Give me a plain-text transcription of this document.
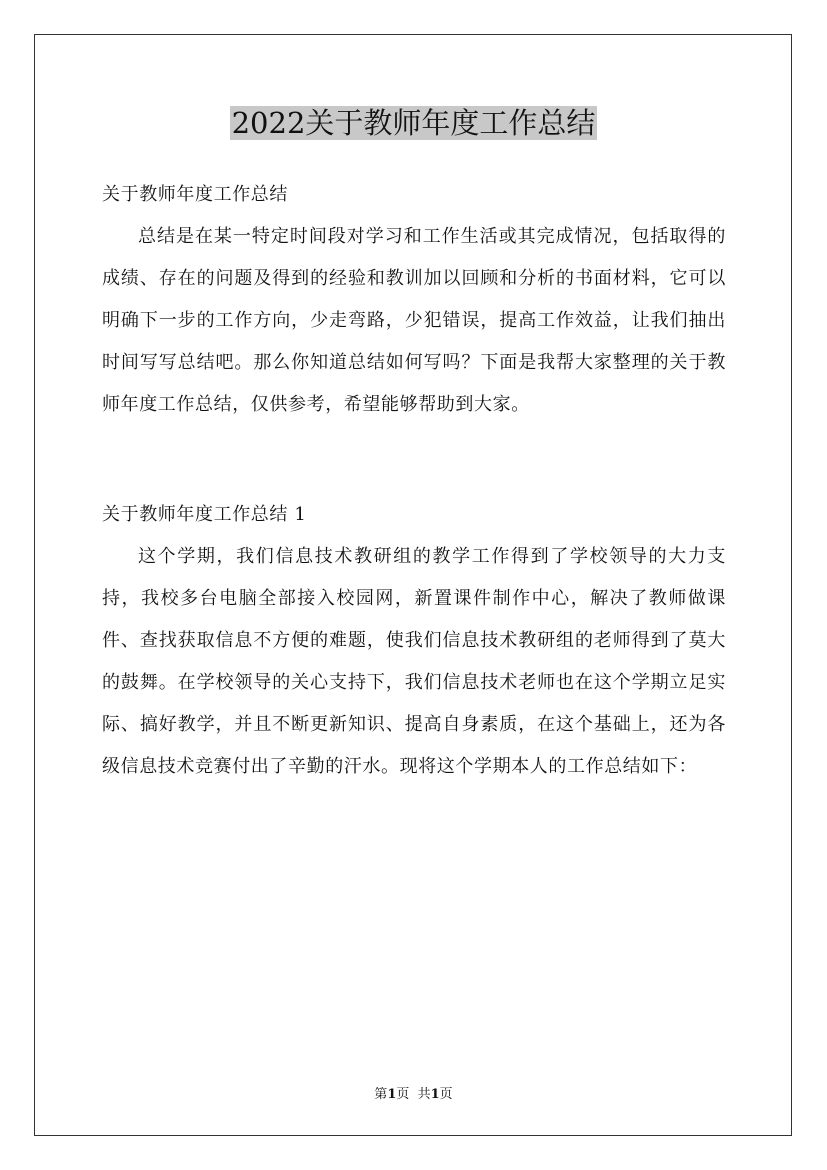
2022关于教师年度工作总结

关于教师年度工作总结

总结是在某一特定时间段对学习和工作生活或其完成情况，包括取得的成绩、存在的问题及得到的经验和教训加以回顾和分析的书面材料，它可以明确下一步的工作方向，少走弯路，少犯错误，提高工作效益，让我们抽出时间写写总结吧。那么你知道总结如何写吗？下面是我帮大家整理的关于教师年度工作总结，仅供参考，希望能够帮助到大家。

关于教师年度工作总结 1

这个学期，我们信息技术教研组的教学工作得到了学校领导的大力支持，我校多台电脑全部接入校园网，新置课件制作中心，解决了教师做课件、查找获取信息不方便的难题，使我们信息技术教研组的老师得到了莫大的鼓舞。在学校领导的关心支持下，我们信息技术老师也在这个学期立足实际、搞好教学，并且不断更新知识、提高自身素质，在这个基础上，还为各级信息技术竞赛付出了辛勤的汗水。现将这个学期本人的工作总结如下：

第1页  共1页
